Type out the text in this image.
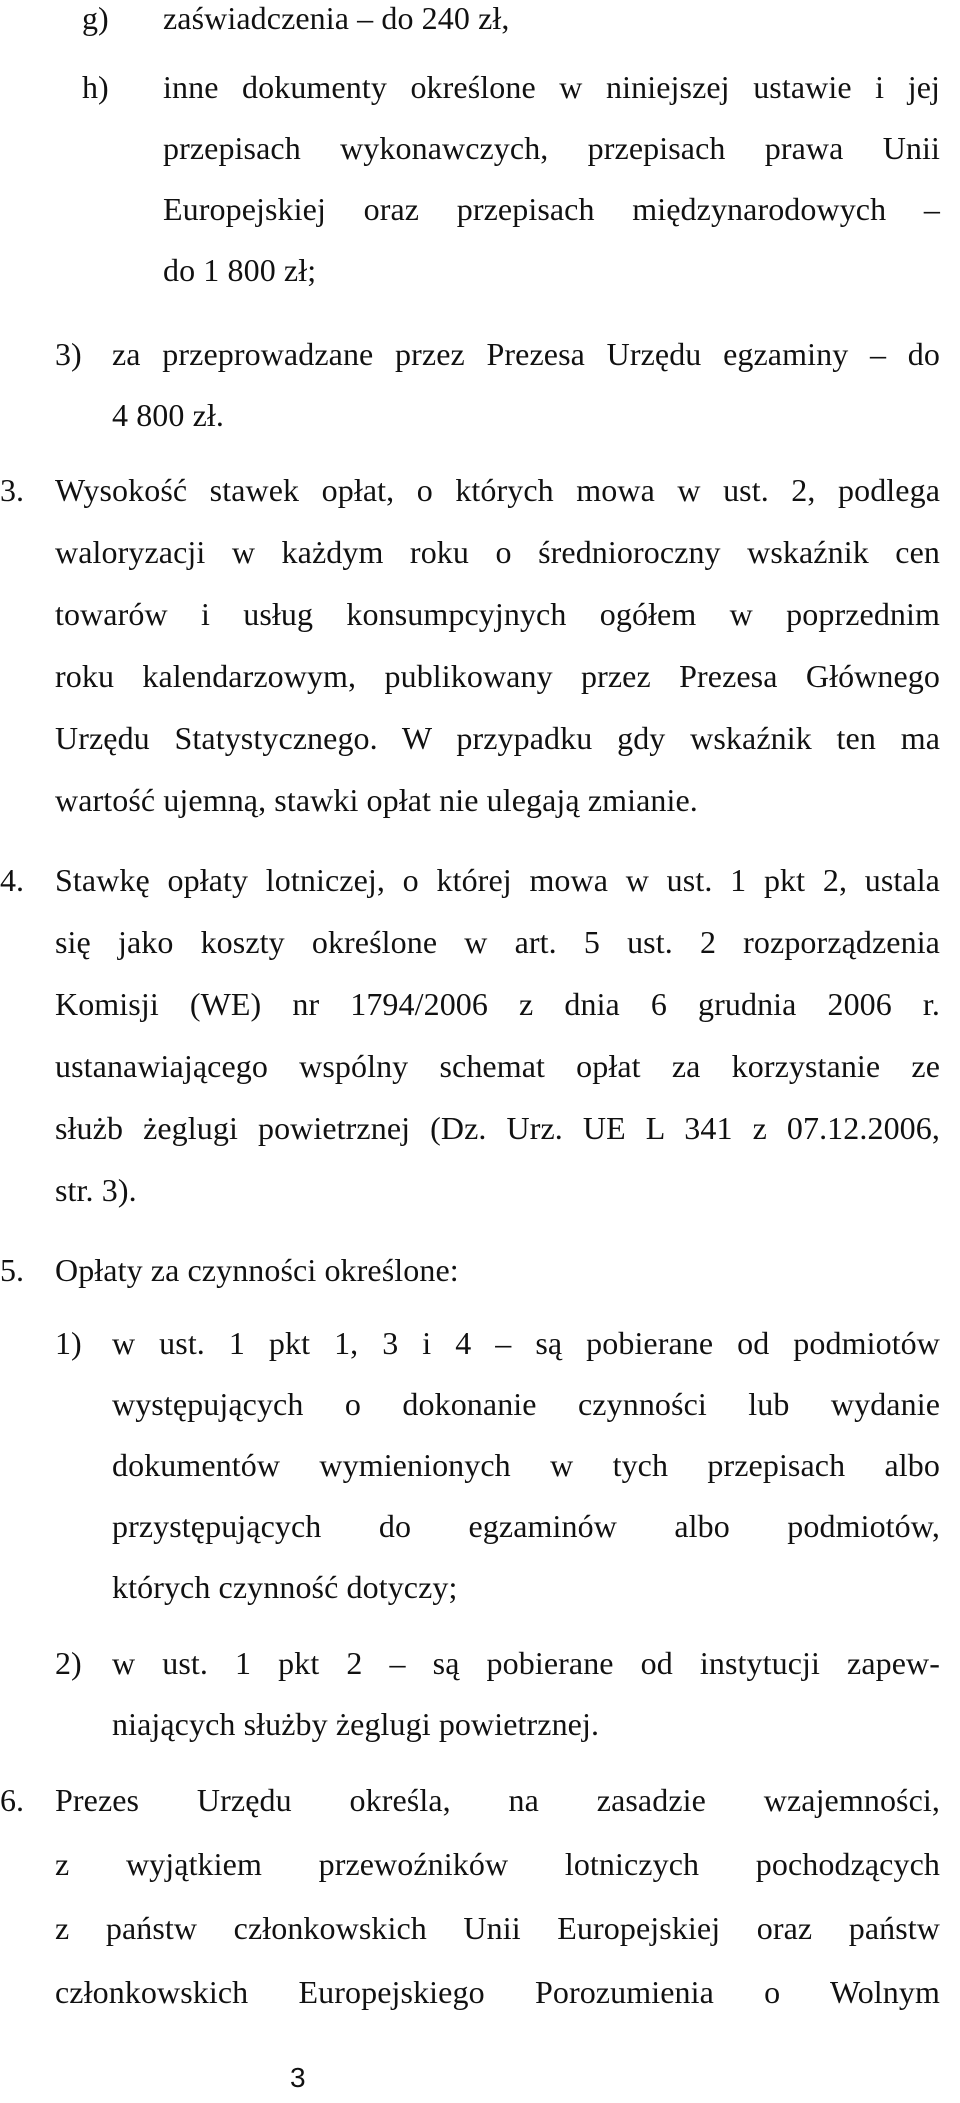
g) zaświadczenia – do 240 zł,
h) inne dokumenty określone w niniejszej ustawie i jej
przepisach wykonawczych, przepisach prawa Unii
Europejskiej oraz przepisach międzynarodowych –
do 1 800 zł;
3) za przeprowadzane przez Prezesa Urzędu egzaminy – do
4 800 zł.
3. Wysokość stawek opłat, o których mowa w ust. 2, podlega
waloryzacji w każdym roku o średnioroczny wskaźnik cen
towarów i usług konsumpcyjnych ogółem w poprzednim
roku kalendarzowym, publikowany przez Prezesa Głównego
Urzędu Statystycznego. W przypadku gdy wskaźnik ten ma
wartość ujemną, stawki opłat nie ulegają zmianie.
4. Stawkę opłaty lotniczej, o której mowa w ust. 1 pkt 2, ustala
się jako koszty określone w art. 5 ust. 2 rozporządzenia
Komisji (WE) nr 1794/2006 z dnia 6 grudnia 2006 r.
ustanawiającego wspólny schemat opłat za korzystanie ze
służb żeglugi powietrznej (Dz. Urz. UE L 341 z 07.12.2006,
str. 3).
5. Opłaty za czynności określone:
1) w ust. 1 pkt 1, 3 i 4 – są pobierane od podmiotów
występujących o dokonanie czynności lub wydanie
dokumentów wymienionych w tych przepisach albo
przystępujących do egzaminów albo podmiotów,
których czynność dotyczy;
2) w ust. 1 pkt 2 – są pobierane od instytucji zapew-
niających służby żeglugi powietrznej.
6. Prezes Urzędu określa, na zasadzie wzajemności,
z wyjątkiem przewoźników lotniczych pochodzących
z państw członkowskich Unii Europejskiej oraz państw
członkowskich Europejskiego Porozumienia o Wolnym
3
